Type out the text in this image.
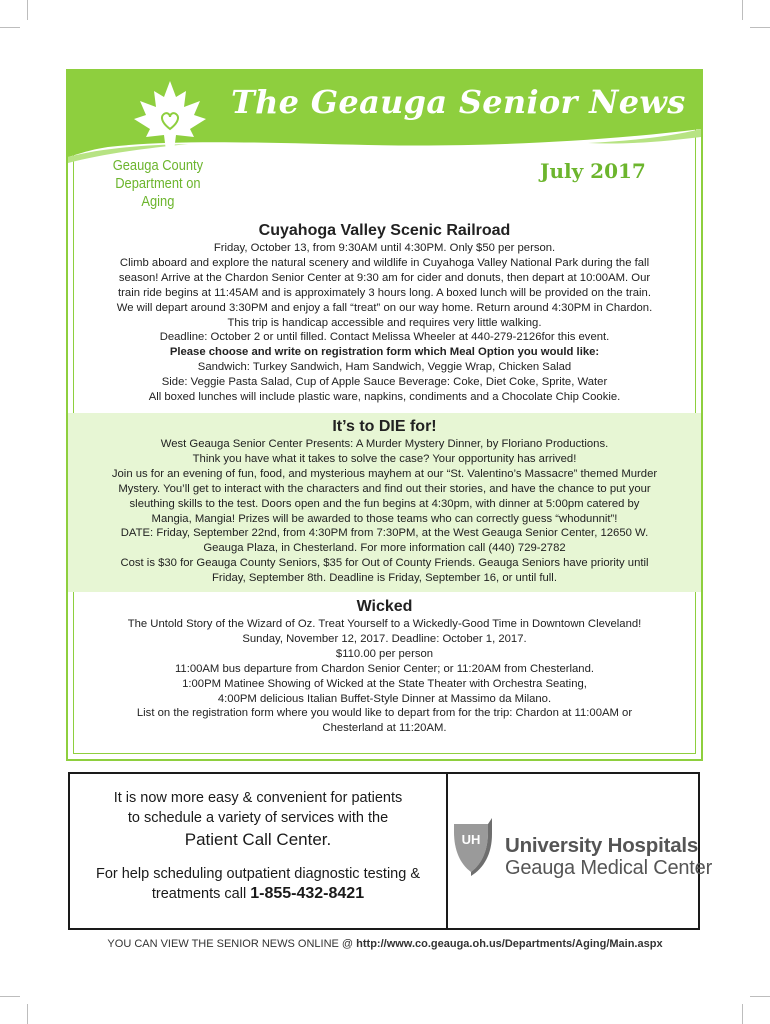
The Geauga Senior News
Geauga County
Department on Aging
July 2017
Cuyahoga Valley Scenic Railroad

Friday, October 13, from 9:30AM until 4:30PM. Only $50 per person.

Climb aboard and explore the natural scenery and wildlife in Cuyahoga Valley National Park during the fall

season! Arrive at the Chardon Senior Center at 9:30 am for cider and donuts, then depart at 10:00AM. Our

train ride begins at 11:45AM and is approximately 3 hours long. A boxed lunch will be provided on the train.

We will depart around 3:30PM and enjoy a fall “treat” on our way home. Return around 4:30PM in Chardon.

This trip is handicap accessible and requires very little walking.

Deadline: October 2 or until filled. Contact Melissa Wheeler at 440-279-2126for this event.

Please choose and write on registration form which Meal Option you would like:

Sandwich: Turkey Sandwich, Ham Sandwich, Veggie Wrap, Chicken Salad

Side: Veggie Pasta Salad, Cup of Apple Sauce Beverage: Coke, Diet Coke, Sprite, Water

All boxed lunches will include plastic ware, napkins, condiments and a Chocolate Chip Cookie.

It’s to DIE for!

West Geauga Senior Center Presents: A Murder Mystery Dinner, by Floriano Productions.

Think you have what it takes to solve the case? Your opportunity has arrived!

Join us for an evening of fun, food, and mysterious mayhem at our “St. Valentino’s Massacre” themed Murder

Mystery. You’ll get to interact with the characters and find out their stories, and have the chance to put your

sleuthing skills to the test. Doors open and the fun begins at 4:30pm, with dinner at 5:00pm catered by

Mangia, Mangia! Prizes will be awarded to those teams who can correctly guess “whodunnit”!

DATE: Friday, September 22nd, from 4:30PM from 7:30PM, at the West Geauga Senior Center, 12650 W.

Geauga Plaza, in Chesterland. For more information call (440) 729-2782

Cost is $30 for Geauga County Seniors, $35 for Out of County Friends. Geauga Seniors have priority until

Friday, September 8th. Deadline is Friday, September 16, or until full.

Wicked

The Untold Story of the Wizard of Oz. Treat Yourself to a Wickedly-Good Time in Downtown Cleveland!

Sunday, November 12, 2017. Deadline: October 1, 2017.

$110.00 per person

11:00AM bus departure from Chardon Senior Center; or 11:20AM from Chesterland.

1:00PM Matinee Showing of Wicked at the State Theater with Orchestra Seating,

4:00PM delicious Italian Buffet-Style Dinner at Massimo da Milano.

List on the registration form where you would like to depart from for the trip: Chardon at 11:00AM or

Chesterland at 11:20AM.

It is now more easy & convenient for patients
to schedule a variety of services with the
Patient Call Center.
For help scheduling outpatient diagnostic testing &
treatments call 1-855-432-8421
UH University Hospitals
Geauga Medical Center
YOU CAN VIEW THE SENIOR NEWS ONLINE @ http://www.co.geauga.oh.us/Departments/Aging/Main.aspx
